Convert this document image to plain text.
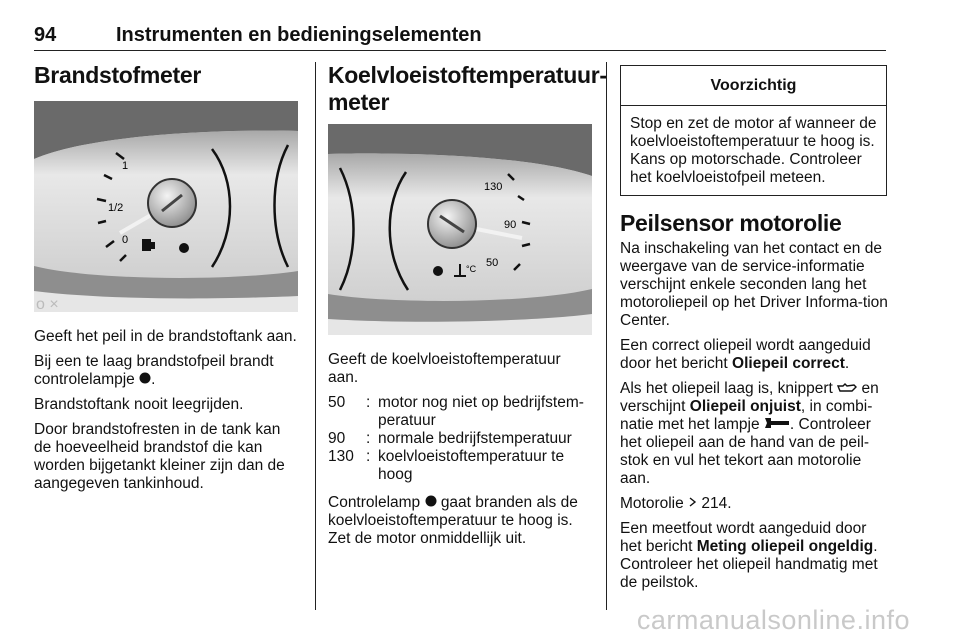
94	Instrumenten en bedieningselementen
Brandstofmeter
1
1/2
0
ο ×

Geeft het peil in de brandstoftank aan.

Bij een te laag brandstofpeil brandt controlelampje .

Brandstoftank nooit leegrijden.

Door brandstofresten in de tank kan de hoeveelheid brandstof die kan worden bijgetankt kleiner zijn dan de aangegeven tankinhoud.

Koelvloeistoftemperatuur-
meter
130
90
50
°C

Geeft de koelvloeistoftemperatuur aan.

50	:	motor nog niet op bedrijfstem-peratuur
90	:	normale bedrijfstemperatuur
130	:	koelvloeistoftemperatuur te hoog

Controlelamp gaat branden als de koelvloeistoftemperatuur te hoog is. Zet de motor onmiddellijk uit.

Voorzichtig
Stop en zet de motor af wanneer de koelvloeistoftemperatuur te hoog is. Kans op motorschade. Controleer het koelvloeistofpeil meteen.
Peilsensor motorolie

Na inschakeling van het contact en de weergave van de service-informatie verschijnt enkele seconden lang het motoroliepeil op het Driver Informa-tion Center.

Een correct oliepeil wordt aangeduid door het bericht Oliepeil correct.

Als het oliepeil laag is, knippert en verschijnt Oliepeil onjuist, in combi-natie met het lampje . Controleer het oliepeil aan de hand van de peil-stok en vul het tekort aan motorolie aan.

Motorolie 214.

Een meetfout wordt aangeduid door het bericht Meting oliepeil ongeldig. Controleer het oliepeil handmatig met de peilstok.

carmanualsonline.info
